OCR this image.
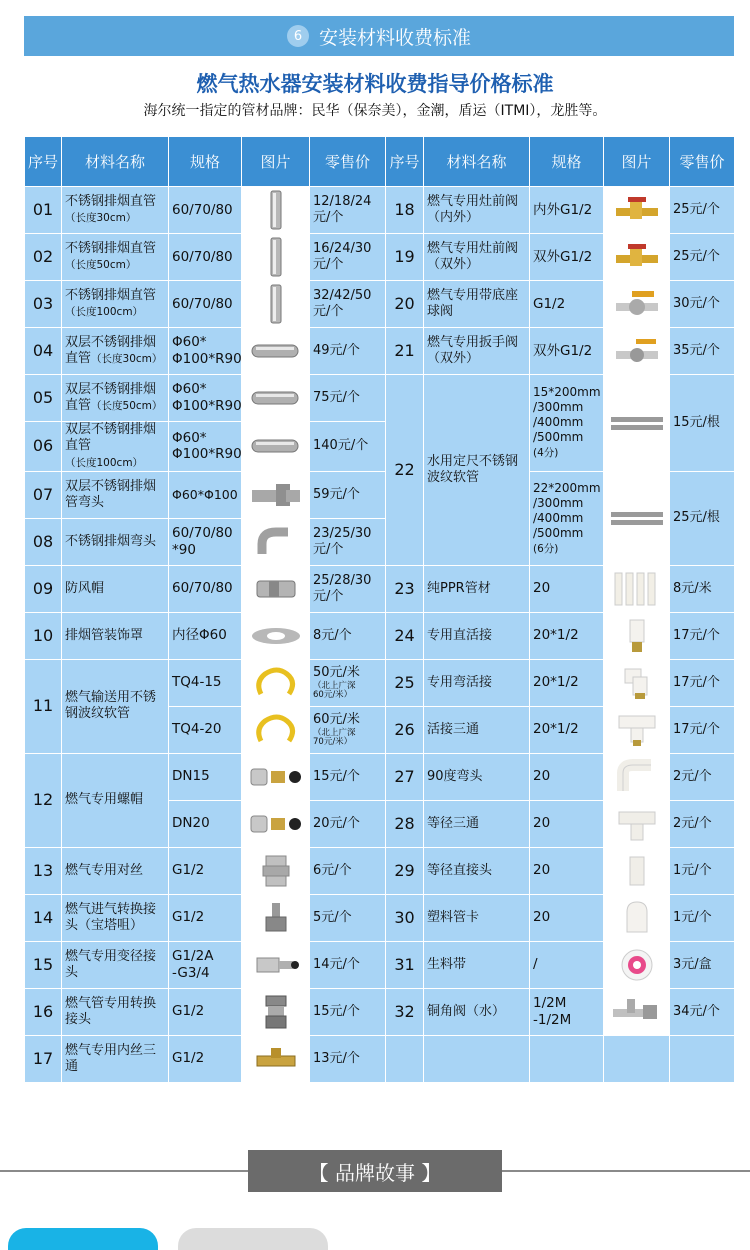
6 安装材料收费标准
燃气热水器安装材料收费指导价格标准
海尔统一指定的管材品牌：民华（保奈美），金潮，盾运（ITMI），龙胜等。
序号	材料名称	规格	图片	零售价	序号	材料名称	规格	图片	零售价
01	不锈钢排烟直管
（长度30cm）	60/70/80		12/18/24元/个	18	燃气专用灶前阀（内外）	内外G1/2		25元/个
02	不锈钢排烟直管
（长度50cm）	60/70/80		16/24/30元/个	19	燃气专用灶前阀（双外）	双外G1/2		25元/个
03	不锈钢排烟直管
（长度100cm）	60/70/80		32/42/50元/个	20	燃气专用带底座球阀	G1/2		30元/个
04	双层不锈钢排烟直管（长度30cm）	Φ60*
Φ100*R90		49元/个	21	燃气专用扳手阀（双外）	双外G1/2		35元/个
05	双层不锈钢排烟直管（长度50cm）	Φ60*
Φ100*R90		75元/个	22	水用定尺不锈钢波纹软管	15*200mm
/300mm
/400mm
/500mm
(4分)		15元/根
06	双层不锈钢排烟直管（长度100cm）	Φ60*
Φ100*R90		140元/个					
07	双层不锈钢排烟管弯头	Φ60*Φ100		59元/个			22*200mm
/300mm
/400mm
/500mm
(6分)		25元/根
08	不锈钢排烟弯头	60/70/80
*90		23/25/30元/个					
09	防风帽	60/70/80		25/28/30元/个	23	纯PPR管材	20		8元/米
10	排烟管装饰罩	内径Φ60		8元/个	24	专用直活接	20*1/2		17元/个
11	燃气输送用不锈钢波纹软管	TQ4-15		50元/米
（北上广深
60元/米）	25	专用弯活接	20*1/2		17元/个
		TQ4-20		60元/米
（北上广深
70元/米）	26	活接三通	20*1/2		17元/个
12	燃气专用螺帽	DN15		15元/个	27	90度弯头	20		2元/个
		DN20		20元/个	28	等径三通	20		2元/个
13	燃气专用对丝	G1/2		6元/个	29	等径直接头	20		1元/个
14	燃气进气转换接头（宝塔咀）	G1/2		5元/个	30	塑料管卡	20		1元/个
15	燃气专用变径接头	G1/2A
-G3/4		14元/个	31	生料带	/		3元/盒
16	燃气管专用转换接头	G1/2		15元/个	32	铜角阀（水）	1/2M
-1/2M		34元/个
17	燃气专用内丝三通	G1/2		13元/个					
【 品牌故事 】
